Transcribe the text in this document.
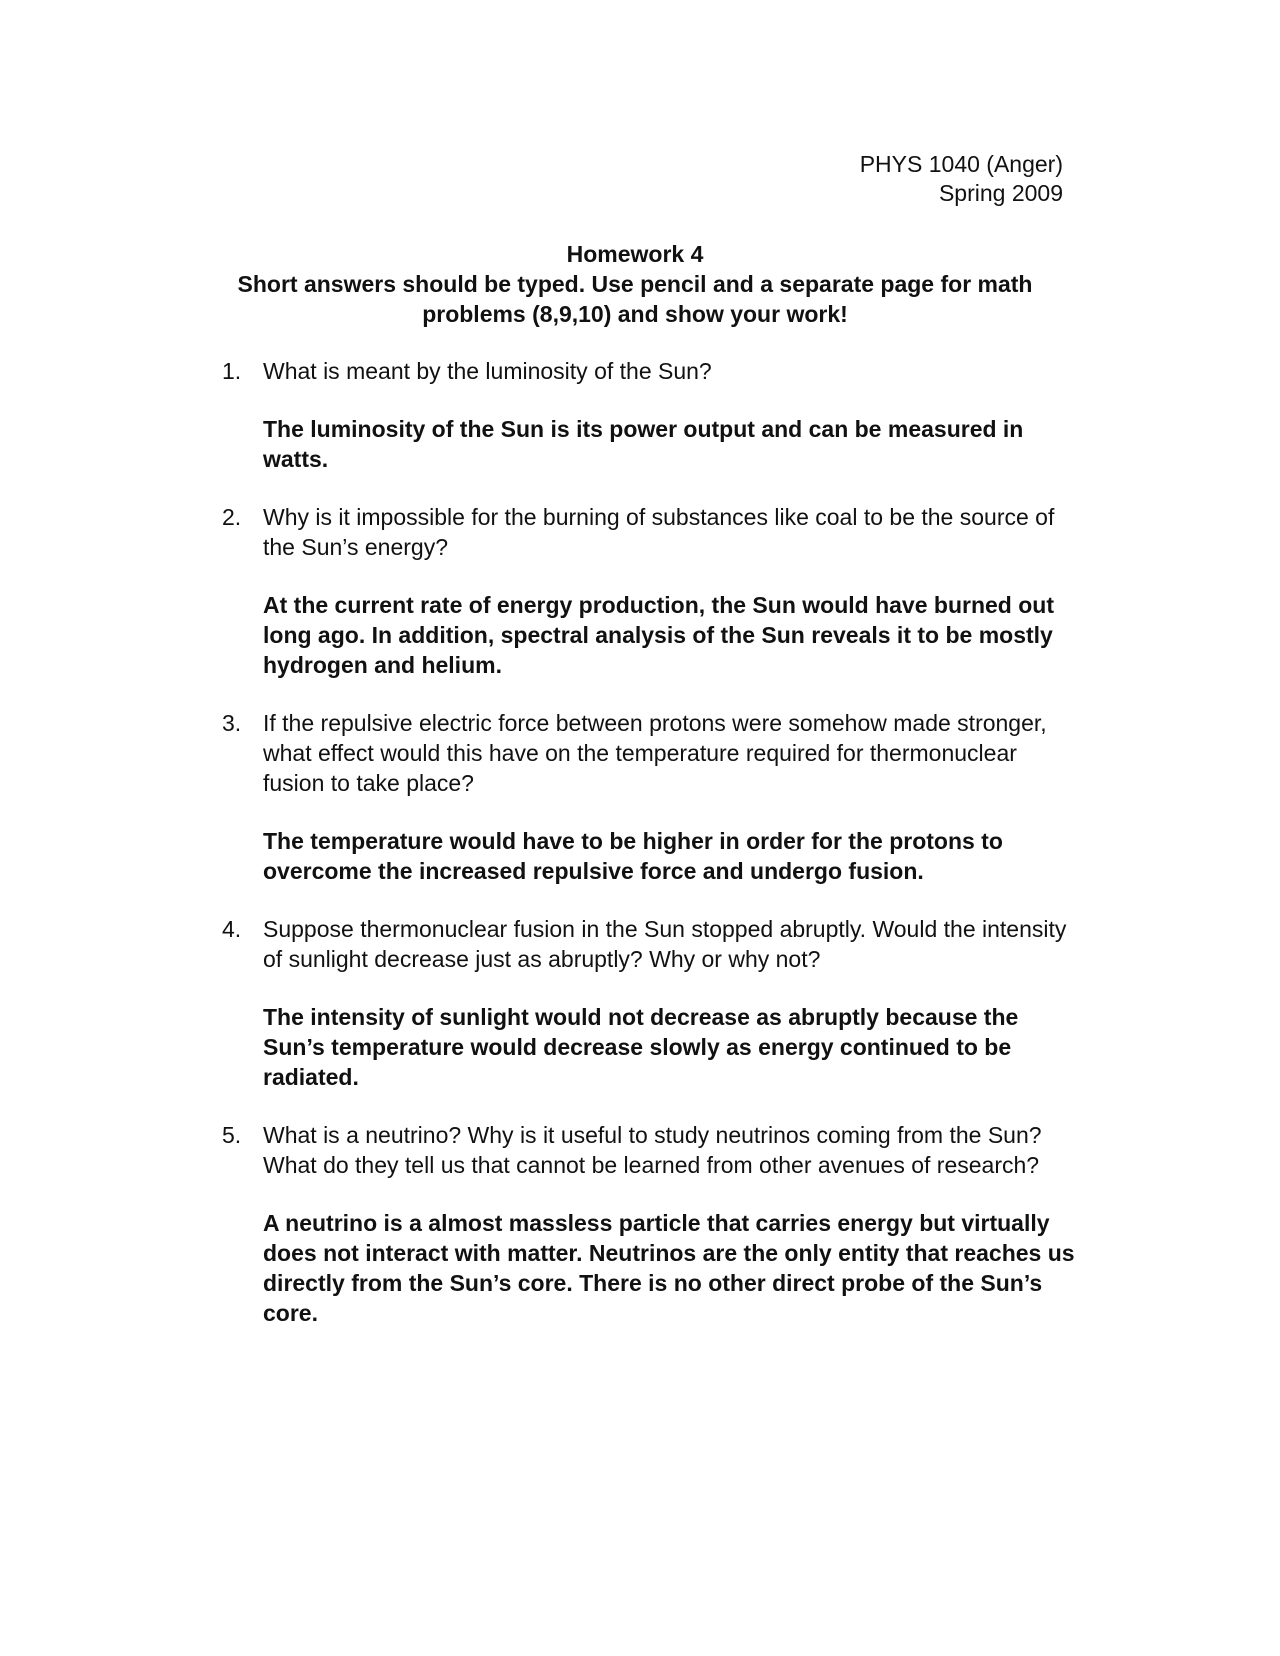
PHYS 1040 (Anger)
Spring 2009
Homework 4
Short answers should be typed. Use pencil and a separate page for math
problems (8,9,10) and show your work!
1. What is meant by the luminosity of the Sun?

The luminosity of the Sun is its power output and can be measured in watts.

2. Why is it impossible for the burning of substances like coal to be the source of the Sun’s energy?

At the current rate of energy production, the Sun would have burned out long ago. In addition, spectral analysis of the Sun reveals it to be mostly hydrogen and helium.

3. If the repulsive electric force between protons were somehow made stronger, what effect would this have on the temperature required for thermonuclear fusion to take place?

The temperature would have to be higher in order for the protons to overcome the increased repulsive force and undergo fusion.

4. Suppose thermonuclear fusion in the Sun stopped abruptly. Would the intensity of sunlight decrease just as abruptly? Why or why not?

The intensity of sunlight would not decrease as abruptly because the Sun’s temperature would decrease slowly as energy continued to be radiated.

5. What is a neutrino? Why is it useful to study neutrinos coming from the Sun? What do they tell us that cannot be learned from other avenues of research?

A neutrino is a almost massless particle that carries energy but virtually does not interact with matter. Neutrinos are the only entity that reaches us directly from the Sun’s core. There is no other direct probe of the Sun’s core.
